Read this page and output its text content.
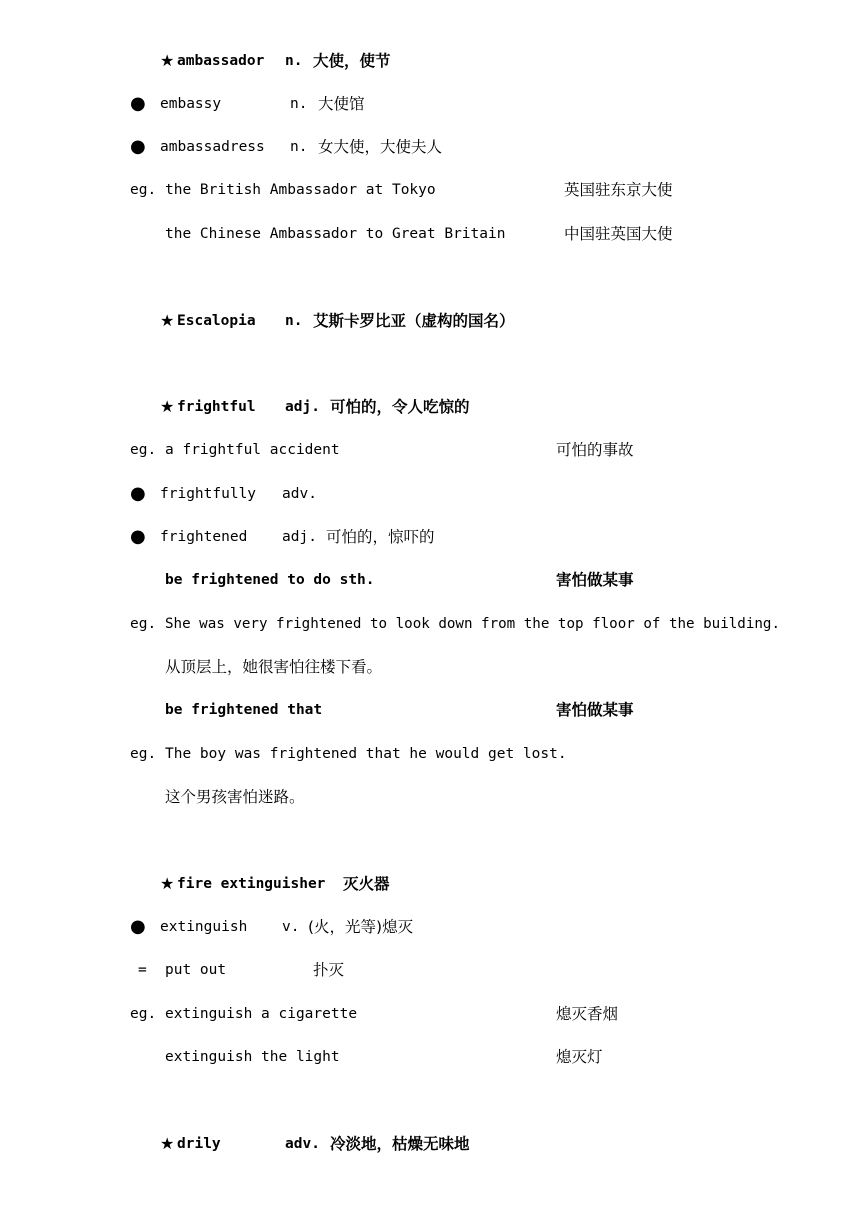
★ ambassador n. 大使，使节
● embassy	n. 大使馆
● ambassadress n. 女大使，大使夫人
eg. the British Ambassador at Tokyo	英国驻东京大使
the Chinese Ambassador to Great Britain	中国驻英国大使
★ Escalopia n. 艾斯卡罗比亚（虚构的国名）
★ frightful adj. 可怕的，令人吃惊的
eg. a frightful accident	可怕的事故
● frightfully adv.
● frightened adj. 可怕的，惊吓的
be frightened to do sth.	害怕做某事
eg. She was very frightened to look down from the top floor of the building.
从顶层上，她很害怕往楼下看。
be frightened that	害怕做某事
eg. The boy was frightened that he would get lost.
这个男孩害怕迷路。
★ fire extinguisher 灭火器
● extinguish v. (火，光等)熄灭
= put out	扑灭
eg. extinguish a cigarette	熄灭香烟
extinguish the light	熄灭灯
★ drily	adv. 冷淡地，枯燥无味地
